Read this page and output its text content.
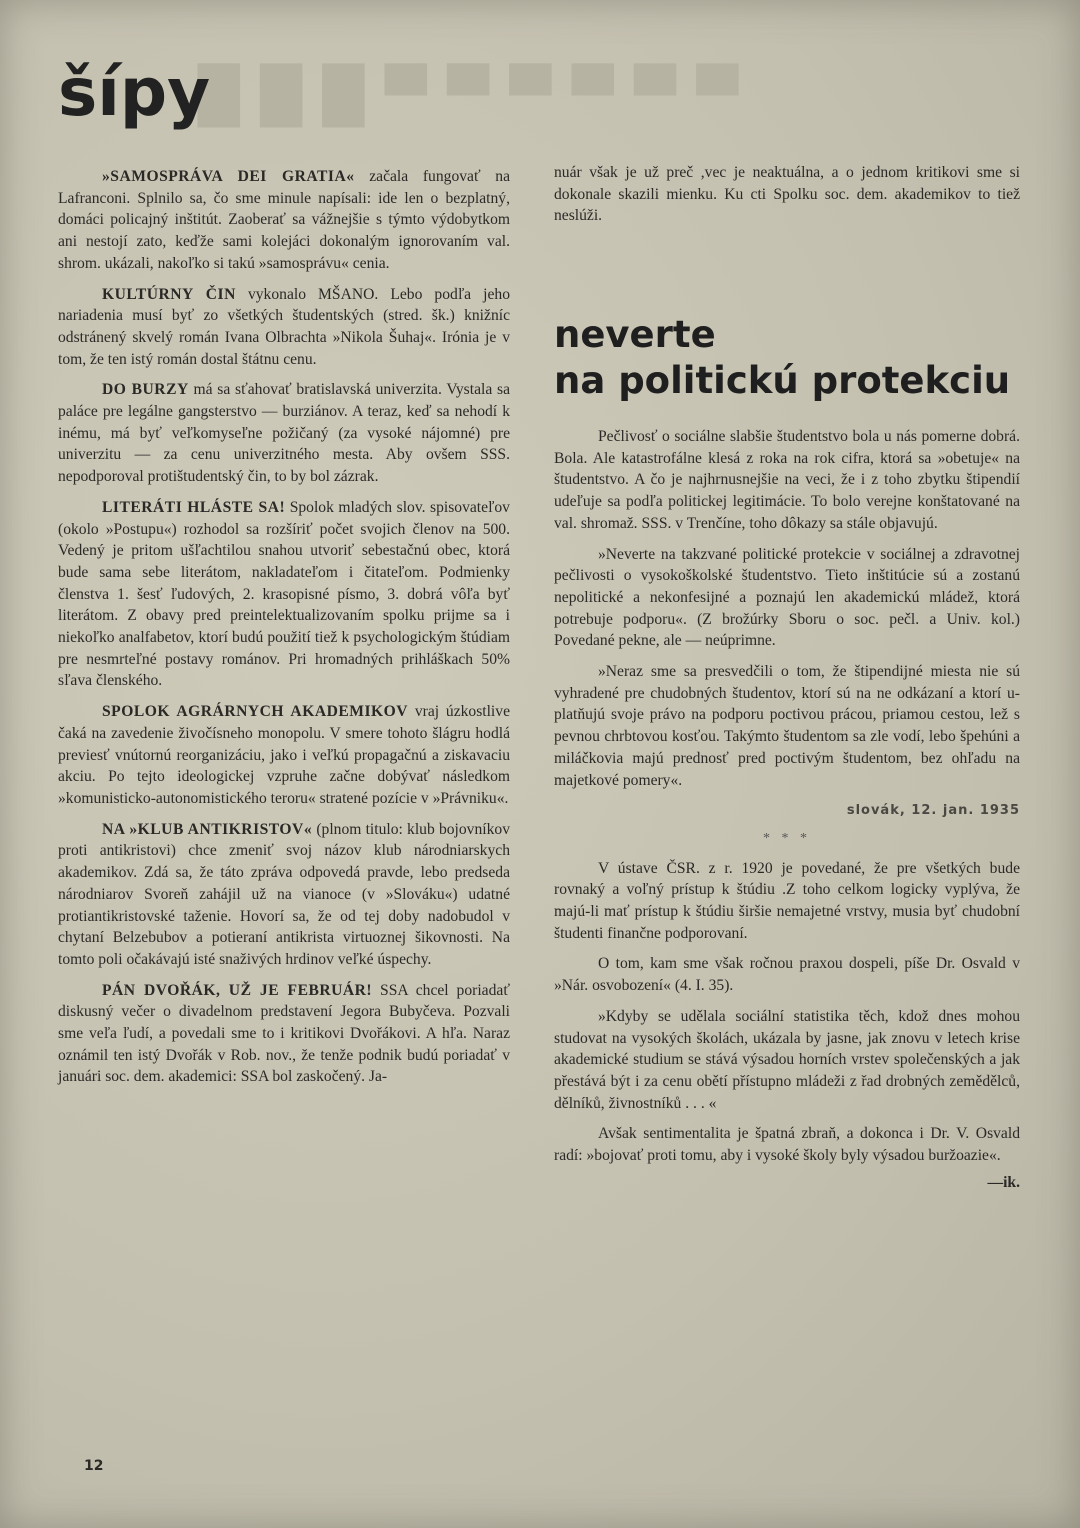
█ █ █ ▀ ▀ ▀ ▀ ▀ ▀
šípy

»SAMOSPRÁVA DEI GRATIA« začala fungovať na Lafranconi. Splnilo sa, čo sme minule napísali: ide len o bezplatný, domáci policajný inštitút. Zaoberať sa vážnejšie s týmto výdobytkom ani nestojí zato, keďže sami kolejáci dokonalým ignorovaním val. shrom. ukázali, nakoľko si takú »samosprávu« cenia.

KULTÚRNY ČIN vykonalo MŠANO. Lebo podľa jeho nariadenia musí byť zo všetkých študentských (stred. šk.) knižníc odstránený skvelý román Ivana Olbrachta »Nikola Šuhaj«. Irónia je v tom, že ten istý román dostal štátnu cenu.

DO BURZY má sa sťahovať bratislavská univerzita. Vystala sa paláce pre legálne gangsterstvo — burziánov. A teraz, keď sa nehodí k inému, má byť veľkomyseľne požičaný (za vysoké nájomné) pre univerzitu — za cenu univerzitného mesta. Aby ovšem SSS. nepodporoval protištudentský čin, to by bol zázrak.

LITERÁTI HLÁSTE SA! Spolok mladých slov. spisovateľov (okolo »Postupu«) rozhodol sa rozšíriť počet svojich členov na 500. Vedený je pritom ušľachtilou snahou utvoriť sebestačnú obec, ktorá bude sama sebe literátom, nakladateľom i čitateľom. Podmienky členstva 1. šesť ľudových, 2. krasopisné písmo, 3. dobrá vôľa byť literátom. Z obavy pred preintelektualizovaním spolku prijme sa i niekoľko analfabetov, ktorí budú použití tiež k psychologickým štúdiam pre nesmrteľné postavy románov. Pri hromadných prihláškach 50% sľava členského.

SPOLOK AGRÁRNYCH AKADEMIKOV vraj úzkostlive čaká na zavedenie živočísneho monopolu. V smere tohoto šlágru hodlá previesť vnútornú reorganizáciu, jako i veľkú propagačnú a ziskavaciu akciu. Po tejto ideologickej vzpruhe začne dobývať následkom »komunisticko-autonomistického teroru« stratené pozície v »Právniku«.

NA »KLUB ANTIKRISTOV« (plnom titulo: klub bojovníkov proti antikristovi) chce zmeniť svoj názov klub národniarskych akademikov. Zdá sa, že táto zpráva odpovedá pravde, lebo predseda národniarov Svoreň zahájil už na vianoce (v »Slováku«) udatné protiantikristovské taženie. Hovorí sa, že od tej doby nadobudol v chytaní Belzebubov a potieraní antikrista virtuoznej šikovnosti. Na tomto poli očakávajú isté snaživých hrdinov veľké úspechy.

PÁN DVOŘÁK, UŽ JE FEBRUÁR! SSA chcel poriadať diskusný večer o divadelnom predstavení Jegora Bubyčeva. Pozvali sme veľa ľudí, a povedali sme to i kritikovi Dvořákovi. A hľa. Naraz oznámil ten istý Dvořák v Rob. nov., že tenže podnik budú poriadať v januári soc. dem. akademici: SSA bol zaskočený. Ja-

nuár však je už preč ,vec je neaktuálna, a o jednom kritikovi sme si dokonale skazili mienku. Ku cti Spolku soc. dem. akademikov to tiež neslúži.

neverte
na politickú protekciu

Pečlivosť o sociálne slabšie študentstvo bola u nás pomerne dobrá. Bola. Ale katastrofálne klesá z roka na rok cifra, ktorá sa »obetuje« na študentstvo. A čo je najhrnusnejšie na veci, že i z toho zbytku štipendií udeľuje sa podľa politickej legitimácie. To bolo verejne konštatované na val. shromaž. SSS. v Trenčíne, toho dôkazy sa stále objavujú.

»Neverte na takzvané politické protekcie v sociálnej a zdravotnej pečlivosti o vysokoškolské študentstvo. Tieto inštitúcie sú a zostanú nepolitické a nekonfesijné a poznajú len akademickú mládež, ktorá potrebuje podporu«. (Z brožúrky Sboru o soc. pečl. a Univ. kol.) Povedané pekne, ale — neúprimne.

»Neraz sme sa presvedčili o tom, že štipendijné miesta nie sú vyhradené pre chudobných študentov, ktorí sú na ne odkázaní a ktorí u-platňujú svoje právo na podporu poctivou prácou, priamou cestou, lež s pevnou chrbtovou kosťou. Takýmto študentom sa zle vodí, lebo špehúni a miláčkovia majú prednosť pred poctivým študentom, bez ohľadu na majetkové pomery«.

slovák, 12. jan. 1935
* * *

V ústave ČSR. z r. 1920 je povedané, že pre všetkých bude rovnaký a voľný prístup k štúdiu .Z toho celkom logicky vyplýva, že majú-li mať prístup k štúdiu širšie nemajetné vrstvy, musia byť chudobní študenti finančne podporovaní.

O tom, kam sme však ročnou praxou dospeli, píše Dr. Osvald v »Nár. osvobození« (4. I. 35).

»Kdyby se udělala sociální statistika těch, kdož dnes mohou studovat na vysokých školách, ukázala by jasne, jak znovu v letech krise akademické studium se stává výsadou horních vrstev společenských a jak přestává být i za cenu obětí přístupno mládeži z řad drobných zemědělců, dělníků, živnostníků . . . «

Avšak sentimentalita je špatná zbraň, a dokonca i Dr. V. Osvald radí: »bojovať proti tomu, aby i vysoké školy byly výsadou buržoazie«.

—ik.
12
